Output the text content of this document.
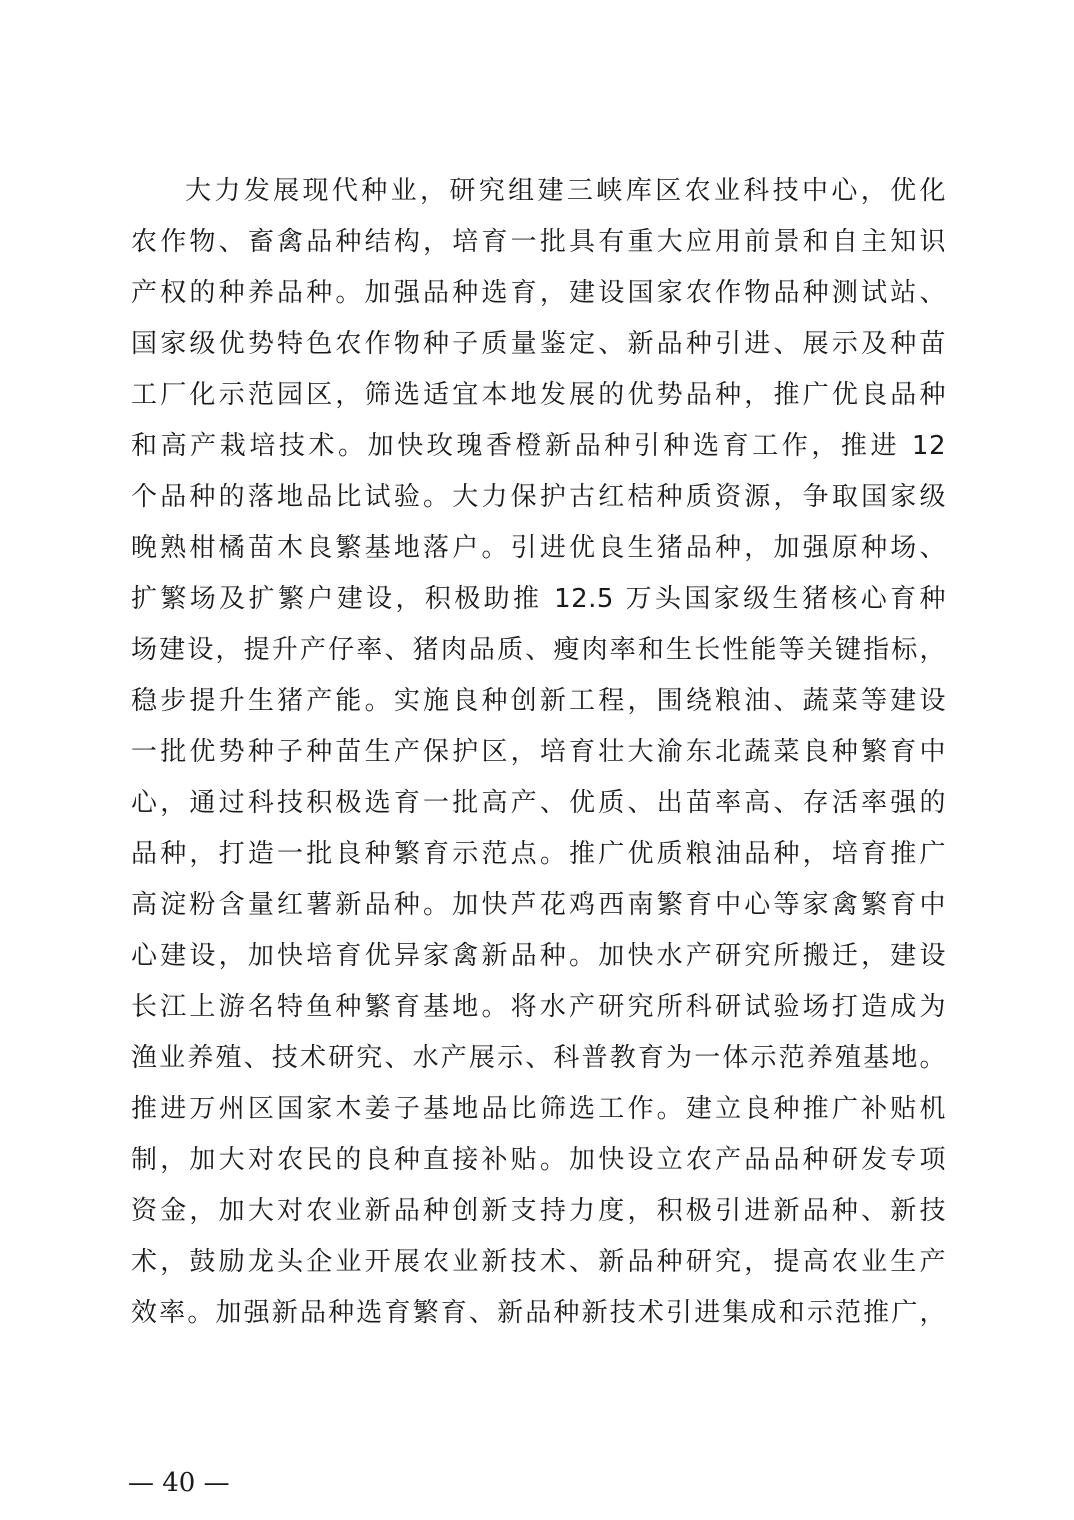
大力发展现代种业，研究组建三峡库区农业科技中心，优化
农作物、畜禽品种结构，培育一批具有重大应用前景和自主知识
产权的种养品种。加强品种选育，建设国家农作物品种测试站、
国家级优势特色农作物种子质量鉴定、新品种引进、展示及种苗
工厂化示范园区，筛选适宜本地发展的优势品种，推广优良品种
和高产栽培技术。加快玫瑰香橙新品种引种选育工作，推进 12
个品种的落地品比试验。大力保护古红桔种质资源，争取国家级
晚熟柑橘苗木良繁基地落户。引进优良生猪品种，加强原种场、
扩繁场及扩繁户建设，积极助推 12.5 万头国家级生猪核心育种
场建设，提升产仔率、猪肉品质、瘦肉率和生长性能等关键指标，
稳步提升生猪产能。实施良种创新工程，围绕粮油、蔬菜等建设
一批优势种子种苗生产保护区，培育壮大渝东北蔬菜良种繁育中
心，通过科技积极选育一批高产、优质、出苗率高、存活率强的
品种，打造一批良种繁育示范点。推广优质粮油品种，培育推广
高淀粉含量红薯新品种。加快芦花鸡西南繁育中心等家禽繁育中
心建设，加快培育优异家禽新品种。加快水产研究所搬迁，建设
长江上游名特鱼种繁育基地。将水产研究所科研试验场打造成为
渔业养殖、技术研究、水产展示、科普教育为一体示范养殖基地。
推进万州区国家木姜子基地品比筛选工作。建立良种推广补贴机
制，加大对农民的良种直接补贴。加快设立农产品品种研发专项
资金，加大对农业新品种创新支持力度，积极引进新品种、新技
术，鼓励龙头企业开展农业新技术、新品种研究，提高农业生产
效率。加强新品种选育繁育、新品种新技术引进集成和示范推广，
— 40 —
